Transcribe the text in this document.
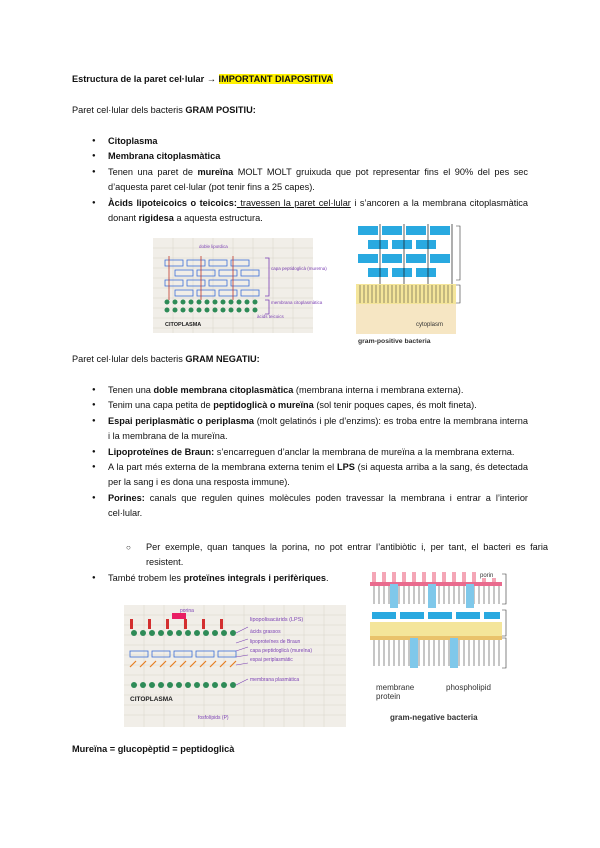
Estructura de la paret cel·lular → IMPORTANT DIAPOSITIVA
Paret cel·lular dels bacteris GRAM POSITIU:
● Citoplasma
● Membrana citoplasmàtica
● Tenen una paret de mureïna MOLT MOLT gruixuda que pot representar fins el 90% del pes sec d’aquesta paret cel·lular (pot tenir fins a 25 capes).
● Àcids lipoteicoics o teicoics: travessen la paret cel·lular i s’ancoren a la membrana citoplasmàtica donant rigidesa a aquesta estructura.
doble lipoïdica
capa peptidoglicà (mureïna)
membrana citoplasmàtica
àcids teicoics
CITOPLASMA	cytoplasm
gram-positive bacteria
Paret cel·lular dels bacteris GRAM NEGATIU:
● Tenen una doble membrana citoplasmàtica (membrana interna i membrana externa).
● Tenim una capa petita de peptidoglicà o mureïna (sol tenir poques capes, és molt fineta).
● Espai periplasmàtic o periplasma (molt gelatinós i ple d’enzims): es troba entre la membrana interna i la membrana de la mureïna.
● Lipoproteïnes de Braun: s’encarreguen d’anclar la membrana de mureïna a la membrana externa.
● A la part més externa de la membrana externa tenim el LPS (si aquesta arriba a la sang, és detectada per la sang i es dona una resposta immune).
● Porines: canals que regulen quines molècules poden travessar la membrana i entrar a l’interior cel·lular.
○ Per exemple, quan tanques la porina, no pot entrar l’antibiòtic i, per tant, el bacteri es faria resistent.
● També trobem les proteïnes integrals i perifèriques.	porin
membrane protein
phospholipid
gram-negative bacteria
porina
lipopolisacàrids (LPS)
àcids grassos
lipoproteïnes de Braun
capa peptidoglicà (mureïna)
espai periplasmàtic
membrana plasmàtica
CITOPLASMA
fosfolípids (P)
Mureïna = glucopèptid = peptidoglicà
